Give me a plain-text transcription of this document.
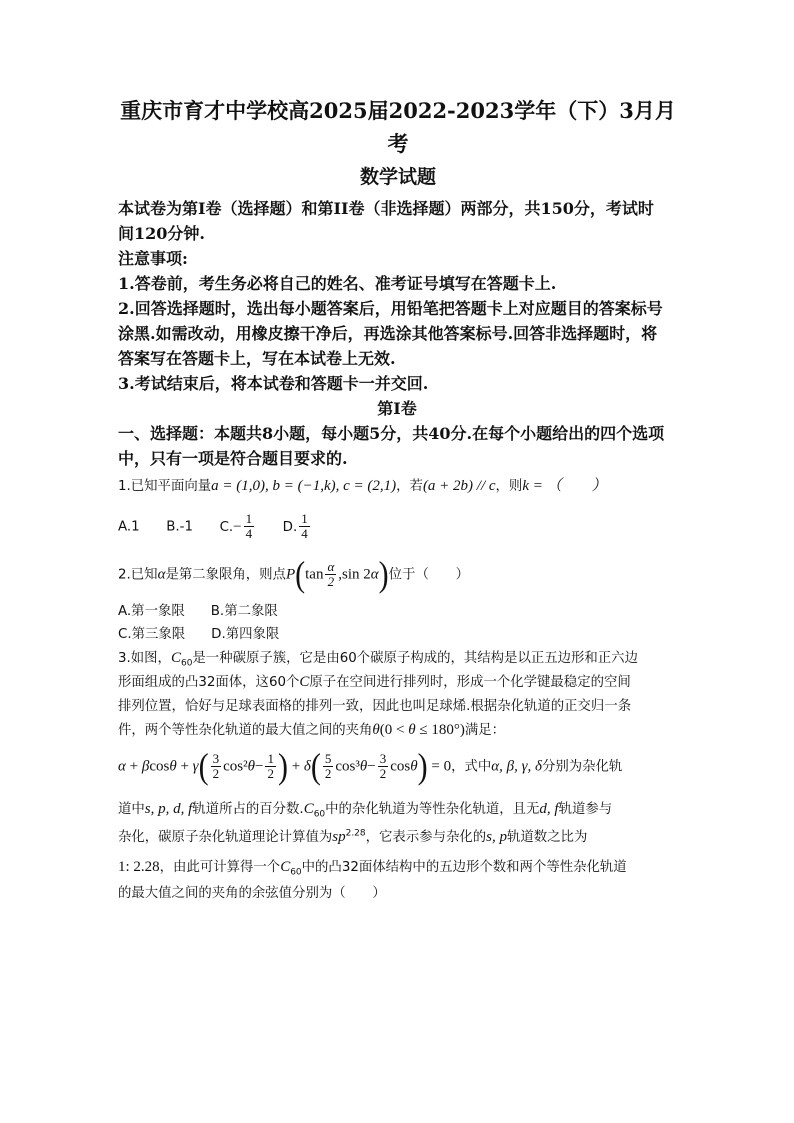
重庆市育才中学校高2025届2022-2023学年（下）3月月
考
数学试题
本试卷为第I卷（选择题）和第II卷（非选择题）两部分，共150分，考试时
间120分钟.
注意事项:
1.答卷前，考生务必将自己的姓名、准考证号填写在答题卡上.
2.回答选择题时，选出每小题答案后，用铅笔把答题卡上对应题目的答案标号
涂黑.如需改动，用橡皮擦干净后，再选涂其他答案标号.回答非选择题时，将
答案写在答题卡上，写在本试卷上无效.
3.考试结束后，将本试卷和答题卡一并交回.
第I卷
一、选择题：本题共8小题，每小题5分，共40分.在每个小题给出的四个选项
中，只有一项是符合题目要求的.
1.已知平面向量a = (1,0), b = (−1,k), c = (2,1)，若(a + 2b) // c，则k = （　　）
A.1 B.-1 $C.- \frac{1}{4} D$. $\frac{1}{4}$
2.已知α是第二象限角，则点$P(\tan \frac{\alpha}{2} ,\sin$ 2α)位于（　　）
A.第一象限 B.第二象限
C.第三象限 D.第四象限
3.如图，$C_{60}$是一种碳原子簇，它是由60个碳原子构成的，其结构是以正五边形和正六边
形面组成的凸32面体，这60个C原子在空间进行排列时，形成一个化学键最稳定的空间
排列位置，恰好与足球表面格的排列一致，因此也叫足球烯.根据杂化轨道的正交归一条
件，两个等性杂化轨道的最大值之间的夹角θ(0 < θ ≤ 180°)满足：
$\alpha + \beta\cos\theta + \gamma( \frac{3}{2} \cos^2\theta- \frac{1}{2}$ ) + $\delta( \frac{5}{2} \cos^3\theta- \frac{3}{2} \cos\theta) = 0$，式中α, β, γ, δ分别为杂化轨
道中s, p, d, f轨道所占的百分数$.C_{60}$中的杂化轨道为等性杂化轨道，且无d, f轨道参与
杂化，碳原子杂化轨道理论计算值为$sp^{2.28}$，它表示参与杂化的s, p轨道数之比为
1: 2.28，由此可计算得一个$C_{60}$中的凸32面体结构中的五边形个数和两个等性杂化轨道
的最大值之间的夹角的余弦值分别为（　　）
